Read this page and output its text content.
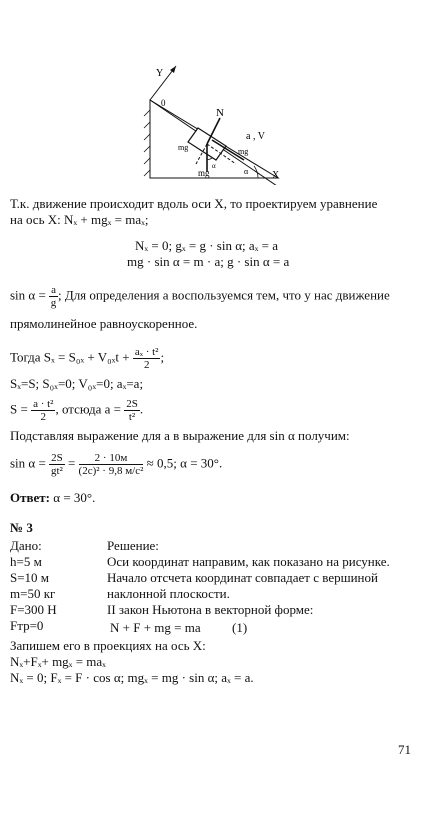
Y
0
N
a , V
mg	mg
mg	α
α
X
Т.к. движение происходит вдоль оси X, то проектируем уравнение
на ось X: Nₓ + mgₓ = maₓ;
Nₓ = 0; gₓ = g · sin α; aₓ = a
mg · sin α = m · a; g · sin α = a
$\sin \alpha = \frac{a}{g}$ ; Для определения a воспользуемся тем, что у нас движение
прямолинейное равноускоренное.
Тогда $S_x = S_{0x} + V_{0x}t + \frac{\text{aₓ · t²}}{2}$ ;
Sₓ=S; S₀ₓ=0; V₀ₓ=0; aₓ=a;
$S = \frac{\text{a · t²}}{2}$ , отсюда $a = \frac{2S}{\text{t²}}$ .
Подставляя выражение для a в выражение для sin α получим:
$\sin \alpha = \frac{2S}{\text{gt²}} = \frac{2 \cdot 10м}{\text{(2с)² · 9,8 м/с²}} \approx 0,5$; α = 30°.
Ответ: α = 30°.
№ 3
Дано:
h=5 м
S=10 м
m=50 кг
F=300 Н
Fтр=0
Решение:
Оси координат направим, как показано на рисунке.
Начало отсчета координат совпадает с вершиной
наклонной плоскости.
II закон Ньютона в векторной форме:
N + F + mg = ma (1)
Запишем его в проекциях на ось X:
Nₓ+Fₓ+ mgₓ = maₓ
Nₓ = 0; Fₓ = F · cos α; mgₓ = mg · sin α; aₓ = a.
71
